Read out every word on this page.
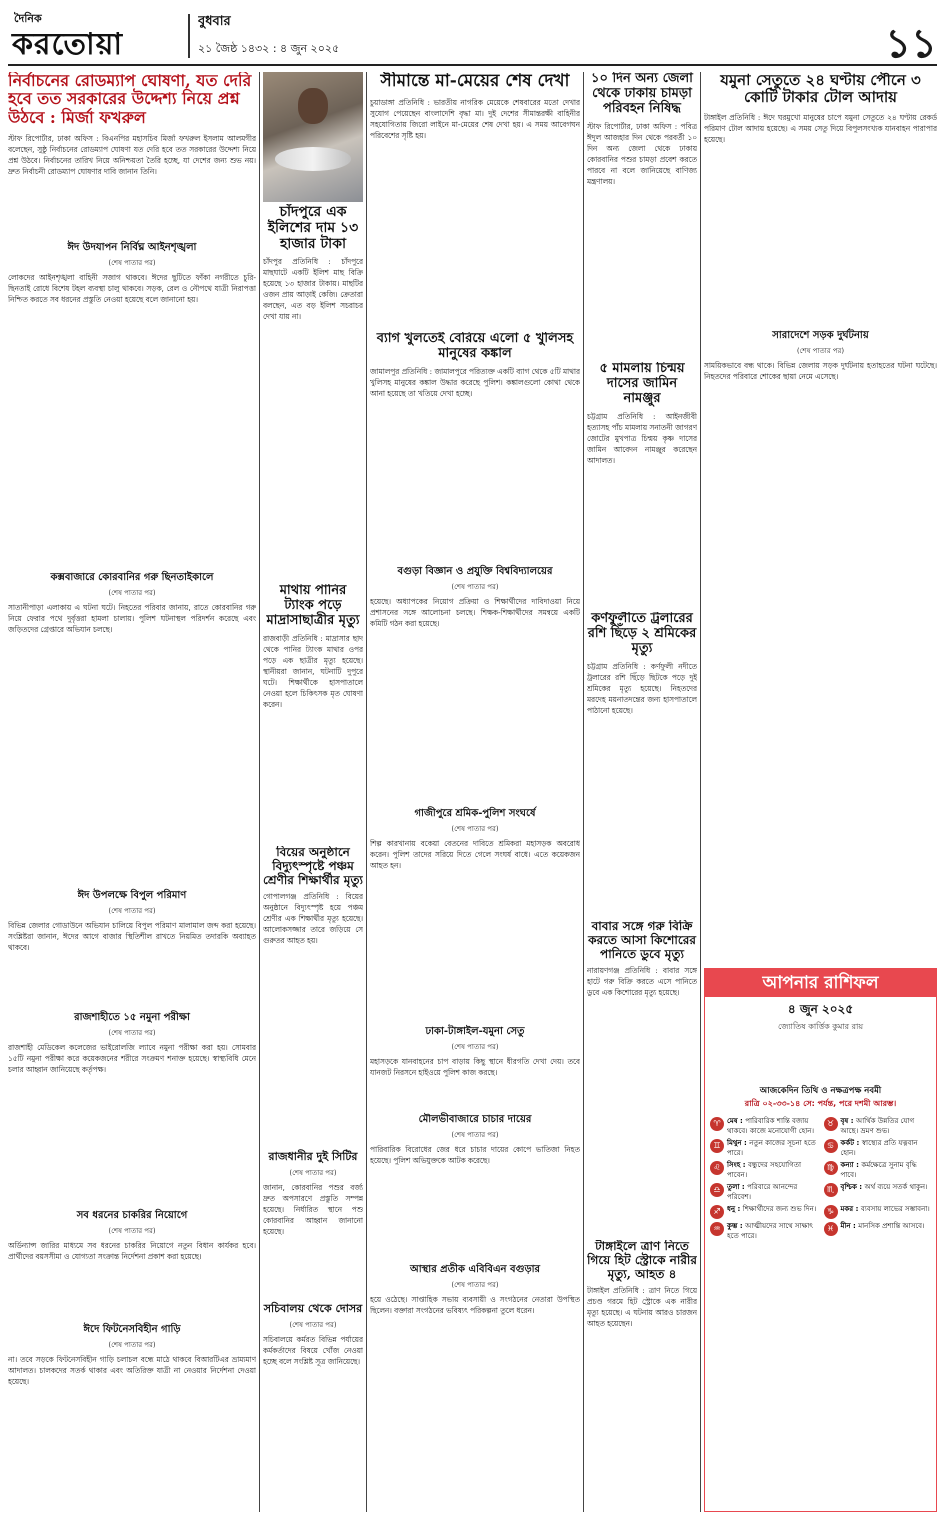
দৈনিক
করতোয়া
বুধবার
২১ জৈষ্ঠ ১৪৩২ : ৪ জুন ২০২৫	১১
নির্বাচনের রোডম্যাপ ঘোষণা, যত দেরি হবে তত সরকারের উদ্দেশ্য নিয়ে প্রশ্ন উঠবে : মির্জা ফখরুল

স্টাফ রিপোর্টার, ঢাকা অফিস : বিএনপির মহাসচিব মির্জা ফখরুল ইসলাম আলমগীর বলেছেন, সুষ্ঠু নির্বাচনের রোডম্যাপ ঘোষণা যত দেরি হবে তত সরকারের উদ্দেশ্য নিয়ে প্রশ্ন উঠবে। নির্বাচনের তারিখ নিয়ে অনিশ্চয়তা তৈরি হচ্ছে, যা দেশের জন্য শুভ নয়। দ্রুত নির্বাচনী রোডম্যাপ ঘোষণার দাবি জানান তিনি।

ঈদ উদযাপন নির্বিঘ্ন আইনশৃঙ্খলা
(শেষ পাতার পর)

লোকদের আইনশৃঙ্খলা বাহিনী সজাগ থাকবে। ঈদের ছুটিতে ফাঁকা নগরীতে চুরি-ছিনতাই রোধে বিশেষ টহল ব্যবস্থা চালু থাকবে। সড়ক, রেল ও নৌপথে যাত্রী নিরাপত্তা নিশ্চিত করতে সব ধরনের প্রস্তুতি নেওয়া হয়েছে বলে জানানো হয়।

কক্সবাজারে কোরবানির গরু ছিনতাইকালে
(শেষ পাতার পর)

সাতানীপাড়া এলাকায় এ ঘটনা ঘটে। নিহতের পরিবার জানায়, রাতে কোরবানির গরু নিয়ে ফেরার পথে দুর্বৃত্তরা হামলা চালায়। পুলিশ ঘটনাস্থল পরিদর্শন করেছে এবং জড়িতদের গ্রেপ্তারে অভিযান চলছে।

ঈদ উপলক্ষে বিপুল পরিমাণ
(শেষ পাতার পর)

বিভিন্ন জেলার গোডাউনে অভিযান চালিয়ে বিপুল পরিমাণ মালামাল জব্দ করা হয়েছে। সংশ্লিষ্টরা জানান, ঈদের আগে বাজার স্থিতিশীল রাখতে নিয়মিত তদারকি অব্যাহত থাকবে।

রাজশাহীতে ১৫ নমুনা পরীক্ষা
(শেষ পাতার পর)

রাজশাহী মেডিকেল কলেজের ভাইরোলজি ল্যাবে নমুনা পরীক্ষা করা হয়। সোমবার ১৫টি নমুনা পরীক্ষা করে কয়েকজনের শরীরে সংক্রমণ শনাক্ত হয়েছে। স্বাস্থ্যবিধি মেনে চলার আহ্বান জানিয়েছে কর্তৃপক্ষ।

সব ধরনের চাকরির নিয়োগে
(শেষ পাতার পর)

অর্ডিন্যান্স জারির মাধ্যমে সব ধরনের চাকরির নিয়োগে নতুন বিধান কার্যকর হবে। প্রার্থীদের বয়সসীমা ও যোগ্যতা সংক্রান্ত নির্দেশনা প্রকাশ করা হয়েছে।

ঈদে ফিটনেসবিহীন গাড়ি
(শেষ পাতার পর)

না। তবে সড়কে ফিটনেসবিহীন গাড়ি চলাচল বন্ধে মাঠে থাকবে বিআরটিএর ভ্রাম্যমাণ আদালত। চালকদের সতর্ক থাকার এবং অতিরিক্ত যাত্রী না নেওয়ার নির্দেশনা দেওয়া হয়েছে।

চাঁদপুরে এক ইলিশের দাম ১৩ হাজার টাকা

চাঁদপুর প্রতিনিধি : চাঁদপুরে মাছঘাটে একটি ইলিশ মাছ বিক্রি হয়েছে ১৩ হাজার টাকায়। মাছটির ওজন প্রায় আড়াই কেজি। ক্রেতারা বলছেন, এত বড় ইলিশ সচরাচর দেখা যায় না।

মাথায় পানির ট্যাংক পড়ে মাদ্রাসাছাত্রীর মৃত্যু

রাজবাড়ী প্রতিনিধি : মাদ্রাসার ছাদ থেকে পানির ট্যাংক মাথার ওপর পড়ে এক ছাত্রীর মৃত্যু হয়েছে। স্থানীয়রা জানান, ঘটনাটি দুপুরে ঘটে। শিক্ষার্থীকে হাসপাতালে নেওয়া হলে চিকিৎসক মৃত ঘোষণা করেন।

বিয়ের অনুষ্ঠানে বিদ্যুৎস্পৃষ্টে পঞ্চম শ্রেণীর শিক্ষার্থীর মৃত্যু

গোপালগঞ্জ প্রতিনিধি : বিয়ের অনুষ্ঠানে বিদ্যুৎস্পৃষ্ট হয়ে পঞ্চম শ্রেণীর এক শিক্ষার্থীর মৃত্যু হয়েছে। আলোকসজ্জার তারে জড়িয়ে সে গুরুতর আহত হয়।

রাজধানীর দুই সিটির
(শেষ পাতার পর)

জানান, কোরবানির পশুর বর্জ্য দ্রুত অপসারণে প্রস্তুতি সম্পন্ন হয়েছে। নির্ধারিত স্থানে পশু কোরবানির আহ্বান জানানো হয়েছে।

সচিবালয় থেকে দোসর
(শেষ পাতার পর)

সচিবালয়ে কর্মরত বিভিন্ন পর্যায়ের কর্মকর্তাদের বিষয়ে খোঁজ নেওয়া হচ্ছে বলে সংশ্লিষ্ট সূত্র জানিয়েছে।

সীমান্তে মা-মেয়ের শেষ দেখা

চুয়াডাঙ্গা প্রতিনিধি : ভারতীয় নাগরিক মেয়েকে শেষবারের মতো দেখার সুযোগ পেয়েছেন বাংলাদেশি বৃদ্ধা মা। দুই দেশের সীমান্তরক্ষী বাহিনীর সহযোগিতায় জিরো লাইনে মা-মেয়ের শেষ দেখা হয়। এ সময় আবেগঘন পরিবেশের সৃষ্টি হয়।

ব্যাগ খুলতেই বেরিয়ে এলো ৫ খুলিসহ মানুষের কঙ্কাল

জামালপুর প্রতিনিধি : জামালপুরে পরিত্যক্ত একটি ব্যাগ থেকে ৫টি মাথার খুলিসহ মানুষের কঙ্কাল উদ্ধার করেছে পুলিশ। কঙ্কালগুলো কোথা থেকে আনা হয়েছে তা খতিয়ে দেখা হচ্ছে।

বগুড়া বিজ্ঞান ও প্রযুক্তি বিশ্ববিদ্যালয়ের
(শেষ পাতার পর)

হয়েছে। অধ্যাপকের নিয়োগ প্রক্রিয়া ও শিক্ষার্থীদের দাবিদাওয়া নিয়ে প্রশাসনের সঙ্গে আলোচনা চলছে। শিক্ষক-শিক্ষার্থীদের সমন্বয়ে একটি কমিটি গঠন করা হয়েছে।

গাজীপুরে শ্রমিক-পুলিশ সংঘর্ষে
(শেষ পাতার পর)

শিল্প কারখানায় বকেয়া বেতনের দাবিতে শ্রমিকরা মহাসড়ক অবরোধ করেন। পুলিশ তাদের সরিয়ে দিতে গেলে সংঘর্ষ বাধে। এতে কয়েকজন আহত হন।

ঢাকা-টাঙ্গাইল-যমুনা সেতু
(শেষ পাতার পর)

মহাসড়কে যানবাহনের চাপ বাড়ায় কিছু স্থানে ধীরগতি দেখা দেয়। তবে যানজট নিরসনে হাইওয়ে পুলিশ কাজ করছে।

মৌলভীবাজারে চাচার দায়ের
(শেষ পাতার পর)

পারিবারিক বিরোধের জের ধরে চাচার দায়ের কোপে ভাতিজা নিহত হয়েছে। পুলিশ অভিযুক্তকে আটক করেছে।

আস্থার প্রতীক এবিবিএন বগুড়ার
(শেষ পাতার পর)

হয়ে ওঠেছে। সাপ্তাহিক সভায় ব্যবসায়ী ও সংগঠনের নেতারা উপস্থিত ছিলেন। বক্তারা সংগঠনের ভবিষ্যৎ পরিকল্পনা তুলে ধরেন।

১০ দিন অন্য জেলা থেকে ঢাকায় চামড়া পরিবহন নিষিদ্ধ

স্টাফ রিপোর্টার, ঢাকা অফিস : পবিত্র ঈদুল আজহার দিন থেকে পরবর্তী ১০ দিন অন্য জেলা থেকে ঢাকায় কোরবানির পশুর চামড়া প্রবেশ করতে পারবে না বলে জানিয়েছে বাণিজ্য মন্ত্রণালয়।

৫ মামলায় চিন্ময় দাসের জামিন নামঞ্জুর

চট্টগ্রাম প্রতিনিধি : আইনজীবী হত্যাসহ পাঁচ মামলায় সনাতনী জাগরণ জোটের মুখপাত্র চিন্ময় কৃষ্ণ দাসের জামিন আবেদন নামঞ্জুর করেছেন আদালত।

কর্ণফুলীতে ট্রলারের রশি ছিঁড়ে ২ শ্রমিকের মৃত্যু

চট্টগ্রাম প্রতিনিধি : কর্ণফুলী নদীতে ট্রলারের রশি ছিঁড়ে ছিটকে পড়ে দুই শ্রমিকের মৃত্যু হয়েছে। নিহতদের মরদেহ ময়নাতদন্তের জন্য হাসপাতালে পাঠানো হয়েছে।

বাবার সঙ্গে গরু বিক্রি করতে আসা কিশোরের পানিতে ডুবে মৃত্যু

নারায়ণগঞ্জ প্রতিনিধি : বাবার সঙ্গে হাটে গরু বিক্রি করতে এসে পানিতে ডুবে এক কিশোরের মৃত্যু হয়েছে।

টাঙ্গাইলে ত্রাণ নিতে গিয়ে হিট স্ট্রোকে নারীর মৃত্যু, আহত ৪

টাঙ্গাইল প্রতিনিধি : ত্রাণ নিতে গিয়ে প্রচণ্ড গরমে হিট স্ট্রোকে এক নারীর মৃত্যু হয়েছে। এ ঘটনায় আরও চারজন আহত হয়েছেন।

যমুনা সেতুতে ২৪ ঘণ্টায় পৌনে ৩ কোটি টাকার টোল আদায়

টাঙ্গাইল প্রতিনিধি : ঈদে ঘরমুখো মানুষের চাপে যমুনা সেতুতে ২৪ ঘণ্টায় রেকর্ড পরিমাণ টোল আদায় হয়েছে। এ সময় সেতু দিয়ে বিপুলসংখ্যক যানবাহন পারাপার হয়েছে।

সারাদেশে সড়ক দুর্ঘটনায়
(শেষ পাতার পর)

সাময়িকভাবে বন্ধ থাকে। বিভিন্ন জেলায় সড়ক দুর্ঘটনায় হতাহতের ঘটনা ঘটেছে। নিহতদের পরিবারে শোকের ছায়া নেমে এসেছে।

আপনার রাশিফল
৪ জুন ২০২৫
জ্যোতিষ কার্ত্তিক কুমার রায়
আজকেদিন তিথি ও নক্ষত্রপক্ষ নবমী
রাত্রি ০২-৩৩-১৪ সে: পর্যন্ত, পরে দশমী আরম্ভ।
♈ মেষ : পারিবারিক শান্তি বজায় থাকবে। কাজে মনোযোগী হোন।
♉ বৃষ : আর্থিক উন্নতির যোগ আছে। ভ্রমণ শুভ।
♊ মিথুন : নতুন কাজের সূচনা হতে পারে।
♋ কর্কট : স্বাস্থ্যের প্রতি যত্নবান হোন।
♌ সিংহ : বন্ধুদের সহযোগিতা পাবেন।
♍ কন্যা : কর্মক্ষেত্রে সুনাম বৃদ্ধি পাবে।
♎ তুলা : পরিবারে আনন্দের পরিবেশ।
♏ বৃশ্চিক : অর্থ ব্যয়ে সতর্ক থাকুন।
♐ ধনু : শিক্ষার্থীদের জন্য শুভ দিন।	♑ মকর : ব্যবসায় লাভের সম্ভাবনা।
♒ কুম্ভ : আত্মীয়দের সাথে সাক্ষাৎ হতে পারে।
♓ মীন : মানসিক প্রশান্তি আসবে।
